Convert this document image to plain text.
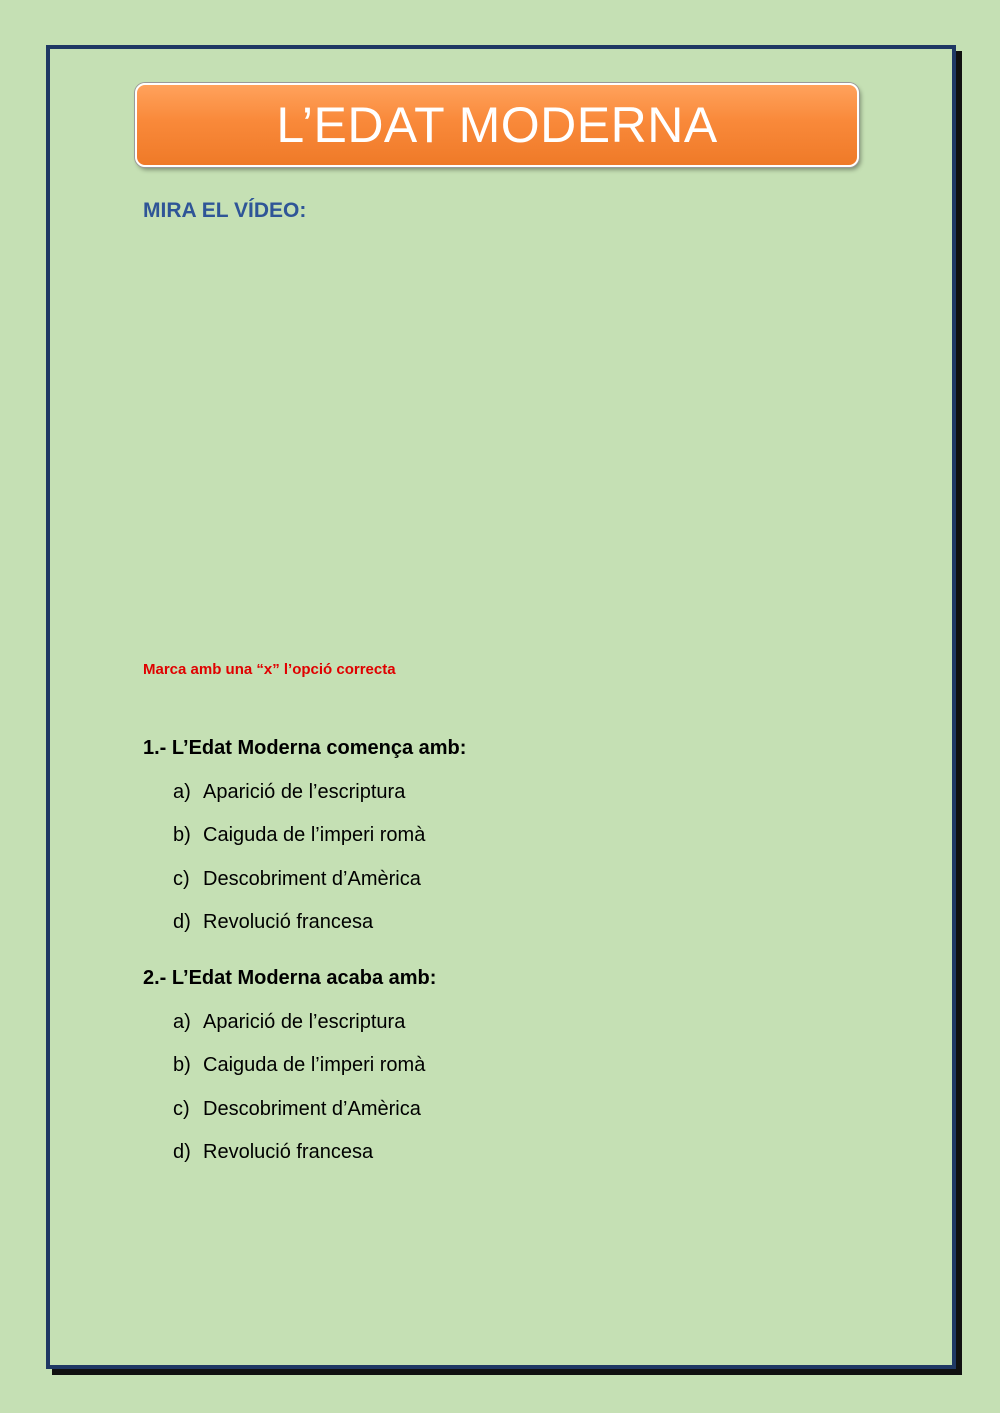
L’EDAT MODERNA
MIRA EL VÍDEO:
Marca amb una “x” l’opció correcta
1.- L’Edat Moderna comença amb:
a) Aparició de l’escriptura
b) Caiguda de l’imperi romà
c) Descobriment d’Amèrica
d) Revolució francesa
2.- L’Edat Moderna acaba amb:
a) Aparició de l’escriptura
b) Caiguda de l’imperi romà
c) Descobriment d’Amèrica
d) Revolució francesa
